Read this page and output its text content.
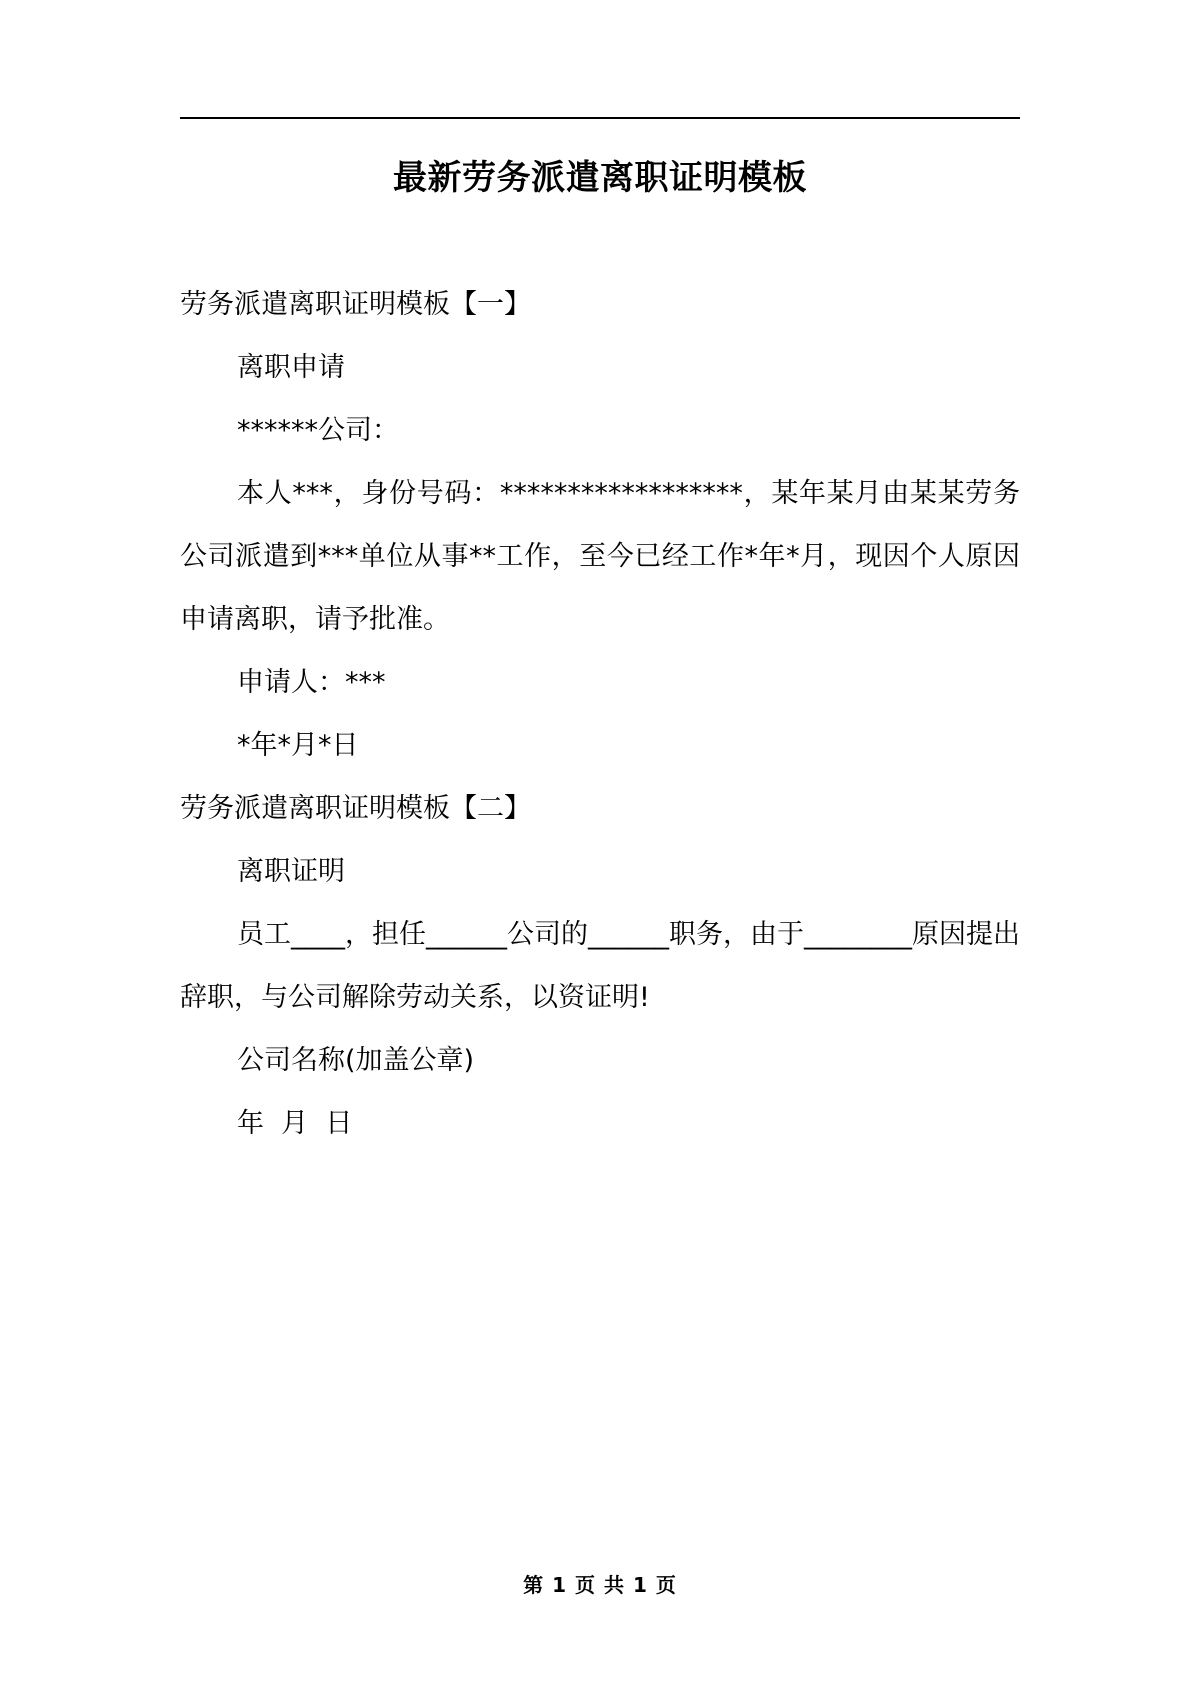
最新劳务派遣离职证明模板

劳务派遣离职证明模板【一】

离职申请

******公司：

本人***，身份号码：******************，某年某月由某某劳务公司派遣到***单位从事**工作，至今已经工作*年*月，现因个人原因申请离职，请予批准。

申请人：***

*年*月*日

劳务派遣离职证明模板【二】

离职证明

员工____，担任______公司的______职务，由于________原因提出辞职，与公司解除劳动关系，以资证明!

公司名称(加盖公章)

年  月  日

第 1 页 共 1 页
